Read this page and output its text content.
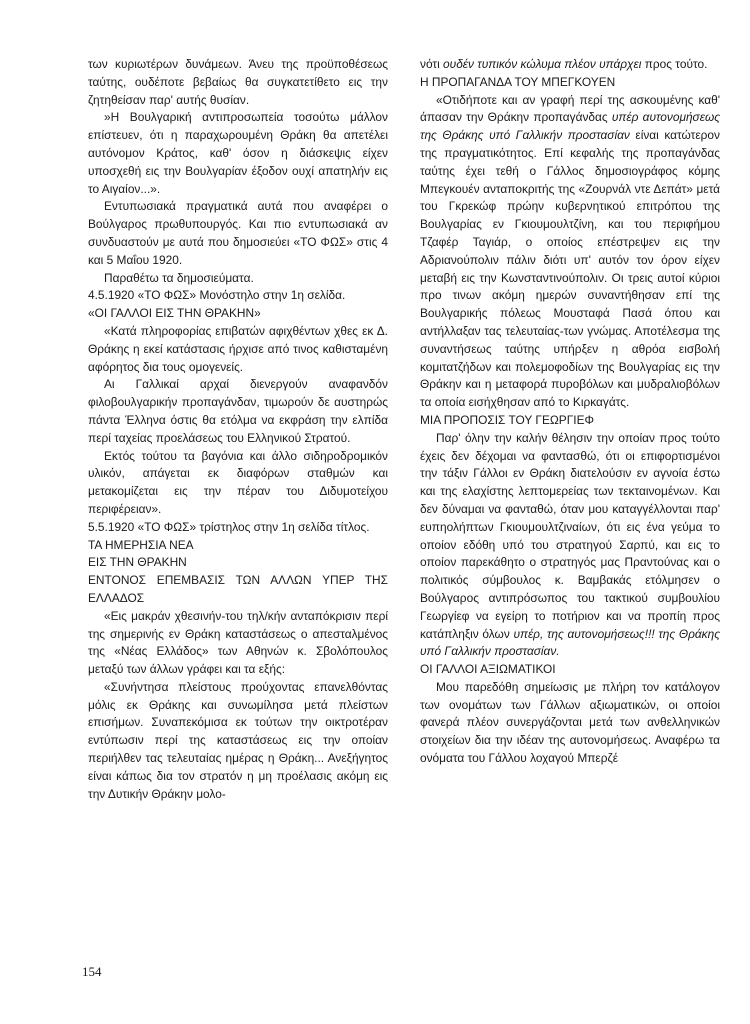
των κυριωτέρων δυνάμεων. Άνευ της προϋποθέσεως ταύτης, ουδέποτε βεβαίως θα συγκατετίθετο εις την ζητηθείσαν παρ' αυτής θυσίαν.

»Η Βουλγαρική αντιπροσωπεία τοσούτω μάλλον επίστευεν, ότι η παραχωρουμένη Θράκη θα απετέλει αυτόνομον Κράτος, καθ' όσον η διάσκεψις είχεν υποσχεθή εις την Βουλγαρίαν έξοδον ουχί απατηλήν εις το Αιγαίον...».

Εντυπωσιακά πραγματικά αυτά που αναφέρει ο Βούλγαρος πρωθυπουργός. Και πιο εντυπωσιακά αν συνδυαστούν με αυτά που δημοσιεύει «ΤΟ ΦΩΣ» στις 4 και 5 Μαΐου 1920.

Παραθέτω τα δημοσιεύματα.

4.5.1920 «ΤΟ ΦΩΣ» Μονόστηλο στην 1η σελίδα.

«ΟΙ ΓΑΛΛΟΙ ΕΙΣ ΤΗΝ ΘΡΑΚΗΝ»

«Κατά πληροφορίας επιβατών αφιχθέντων χθες εκ Δ. Θράκης η εκεί κατάστασις ήρχισε από τινος καθισταμένη αφόρητος δια τους ομογενείς.

Αι Γαλλικαί αρχαί διενεργούν αναφανδόν φιλοβουλγαρικήν προπαγάνδαν, τιμωρούν δε αυστηρώς πάντα Έλληνα όστις θα ετόλμα να εκφράση την ελπίδα περί ταχείας προελάσεως του Ελληνικού Στρατού.

Εκτός τούτου τα βαγόνια και άλλο σιδηροδρομικόν υλικόν, απάγεται εκ διαφόρων σταθμών και μετακομίζεται εις την πέραν του Διδυμοτείχου περιφέρειαν».

5.5.1920 «ΤΟ ΦΩΣ» τρίστηλος στην 1η σελίδα τίτλος.

ΤΑ ΗΜΕΡΗΣΙΑ ΝΕΑ

ΕΙΣ ΤΗΝ ΘΡΑΚΗΝ

ΕΝΤΟΝΟΣ ΕΠΕΜΒΑΣΙΣ ΤΩΝ ΑΛΛΩΝ ΥΠΕΡ ΤΗΣ ΕΛΛΑΔΟΣ

«Εις μακράν χθεσινήν-του τηλ/κήν ανταπόκρισιν περί της σημερινής εν Θράκη καταστάσεως ο απεσταλμένος της «Νέας Ελλάδος» των Αθηνών κ. Σβολόπουλος μεταξύ των άλλων γράφει και τα εξής:

«Συνήντησα πλείστους προύχοντας επανελθόντας μόλις εκ Θράκης και συνωμίλησα μετά πλείστων επισήμων. Συναπεκόμισα εκ τούτων την οικτροτέραν εντύπωσιν περί της καταστάσεως εις την οποίαν περιήλθεν τας τελευταίας ημέρας η Θράκη... Ανεξήγητος είναι κάπως δια τον στρατόν η μη προέλασις ακόμη εις την Δυτικήν Θράκην μολο-

νότι ουδέν τυπικόν κώλυμα πλέον υπάρχει προς τούτο.

Η ΠΡΟΠΑΓΑΝΔΑ ΤΟΥ ΜΠΕΓΚΟΥΕΝ

«Οτιδήποτε και αν γραφή περί της ασκουμένης καθ' άπασαν την Θράκην προπαγάνδας υπέρ αυτονομήσεως της Θράκης υπό Γαλλικήν προστασίαν είναι κατώτερον της πραγματικότητος. Επί κεφαλής της προπαγάνδας ταύτης έχει τεθή ο Γάλλος δημοσιογράφος κόμης Μπεγκουέν ανταποκριτής της «Ζουρνάλ ντε Δεπάτ» μετά του Γκρεκώφ πρώην κυβερνητικού επιτρόπου της Βουλγαρίας εν Γκιουμουλτζίνη, και του περιφήμου Τζαφέρ Ταγιάρ, ο οποίος επέστρεψεν εις την Αδριανούπολιν πάλιν διότι υπ' αυτόν τον όρον είχεν μεταβή εις την Κωνσταντινούπολιν. Οι τρεις αυτοί κύριοι προ τινων ακόμη ημερών συναντήθησαν επί της Βουλγαρικής πόλεως Μουσταφά Πασά όπου και αντήλλαξαν τας τελευταίας-των γνώμας. Αποτέλεσμα της συναντήσεως ταύτης υπήρξεν η αθρόα εισβολή κομιτατζήδων και πολεμοφοδίων της Βουλγαρίας εις την Θράκην και η μεταφορά πυροβόλων και μυδραλιοβόλων τα οποία εισήχθησαν από το Κιρκαγάτς.

ΜΙΑ ΠΡΟΠΟΣΙΣ ΤΟΥ ΓΕΩΡΓΙΕΦ

Παρ' όλην την καλήν θέλησιν την οποίαν προς τούτο έχεις δεν δέχομαι να φαντασθώ, ότι οι επιφορτισμένοι την τάξιν Γάλλοι εν Θράκη διατελούσιν εν αγνοία έστω και της ελαχίστης λεπτομερείας των τεκταινομένων. Και δεν δύναμαι να φανταθώ, όταν μου καταγγέλλονται παρ' ευπηολήπτων Γκιουμουλτζιναίων, ότι εις ένα γεύμα το οποίον εδόθη υπό του στρατηγού Σαρπύ, και εις το οποίον παρεκάθητο ο στρατηγός μας Πραντούνας και ο πολιτικός σύμβουλος κ. Βαμβακάς ετόλμησεν ο Βούλγαρος αντιπρόσωπος του τακτικού συμβουλίου Γεωργίεφ να εγείρη το ποτήριον και να προπίη προς κατάπληξιν όλων υπέρ, της αυτονομήσεως!!! της Θράκης υπό Γαλλικήν προστασίαν.

ΟΙ ΓΑΛΛΟΙ ΑΞΙΩΜΑΤΙΚΟΙ

Μου παρεδόθη σημείωσις με πλήρη τον κατάλογον των ονομάτων των Γάλλων αξιωματικών, οι οποίοι φανερά πλέον συνεργάζονται μετά των ανθελληνικών στοιχείων δια την ιδέαν της αυτονομήσεως. Αναφέρω τα ονόματα του Γάλλου λοχαγού Μπερζέ

154
